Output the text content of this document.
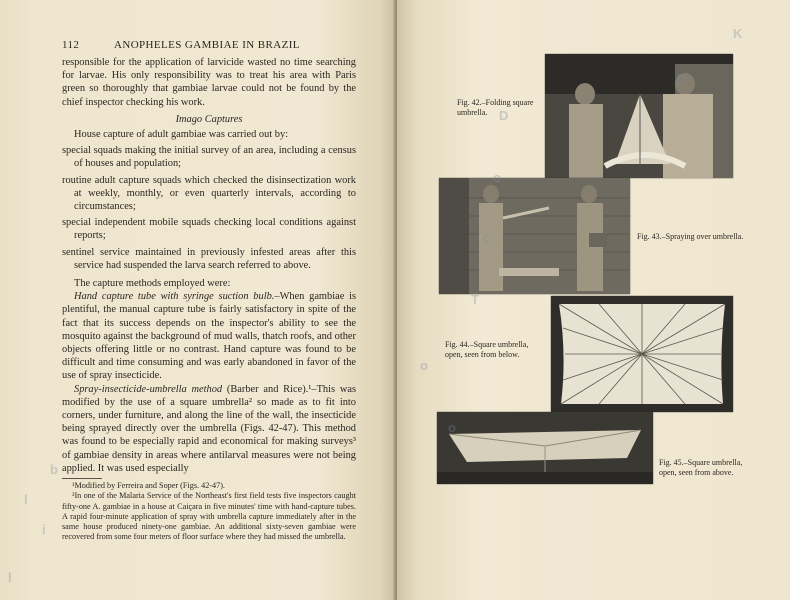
112	ANOPHELES GAMBIAE IN BRAZIL

responsible for the application of larvicide wasted no time searching for larvae. His only responsibility was to treat his area with Paris green so thoroughly that gambiae larvae could not be found by the chief inspector checking his work.

Imago Captures

House capture of adult gambiae was carried out by:

special squads making the initial survey of an area, including a census of houses and population;

routine adult capture squads which checked the disinsectization work at weekly, monthly, or even quarterly intervals, according to circumstances;

special independent mobile squads checking local conditions against reports;

sentinel service maintained in previously infested areas after this service had suspended the larva search referred to above.

The capture methods employed were:

Hand capture tube with syringe suction bulb.–When gambiae is plentiful, the manual capture tube is fairly satisfactory in spite of the fact that its success depends on the inspector's ability to see the mosquito against the background of mud walls, thatch roofs, and other objects offering little or no contrast. Hand capture was found to be difficult and time consuming and was early abandoned in favor of the use of spray insecticide.

Spray-insecticide-umbrella method (Barber and Rice).¹–This was modified by the use of a square umbrella² so made as to fit into corners, under furniture, and along the line of the wall, the insecticide being sprayed directly over the umbrella (Figs. 42-47). This method was found to be especially rapid and economical for making surveys³ of gambiae density in areas where antilarval measures were not being applied. It was used especially

¹Modified by Ferreira and Soper (Figs. 42-47).

²In one of the Malaria Service of the Northeast's first field tests five inspectors caught fifty-one A. gambiae in a house at Caiçara in five minutes' time with hand-capture tubes. A rapid four-minute application of spray with umbrella capture immediately after in the same house produced ninety-one gambiae. An additional sixty-seven gambiae were recovered from some four meters of floor surface where they had missed the umbrella.

b
l
i
l
Fig. 42.–Folding square umbrella.
Fig. 43.–Spraying over umbrella.
Fig. 44.–Square umbrella, open, seen from below.
Fig. 45.–Square umbrella, open, seen from above.
D
o
c
T
D
K
o
o
